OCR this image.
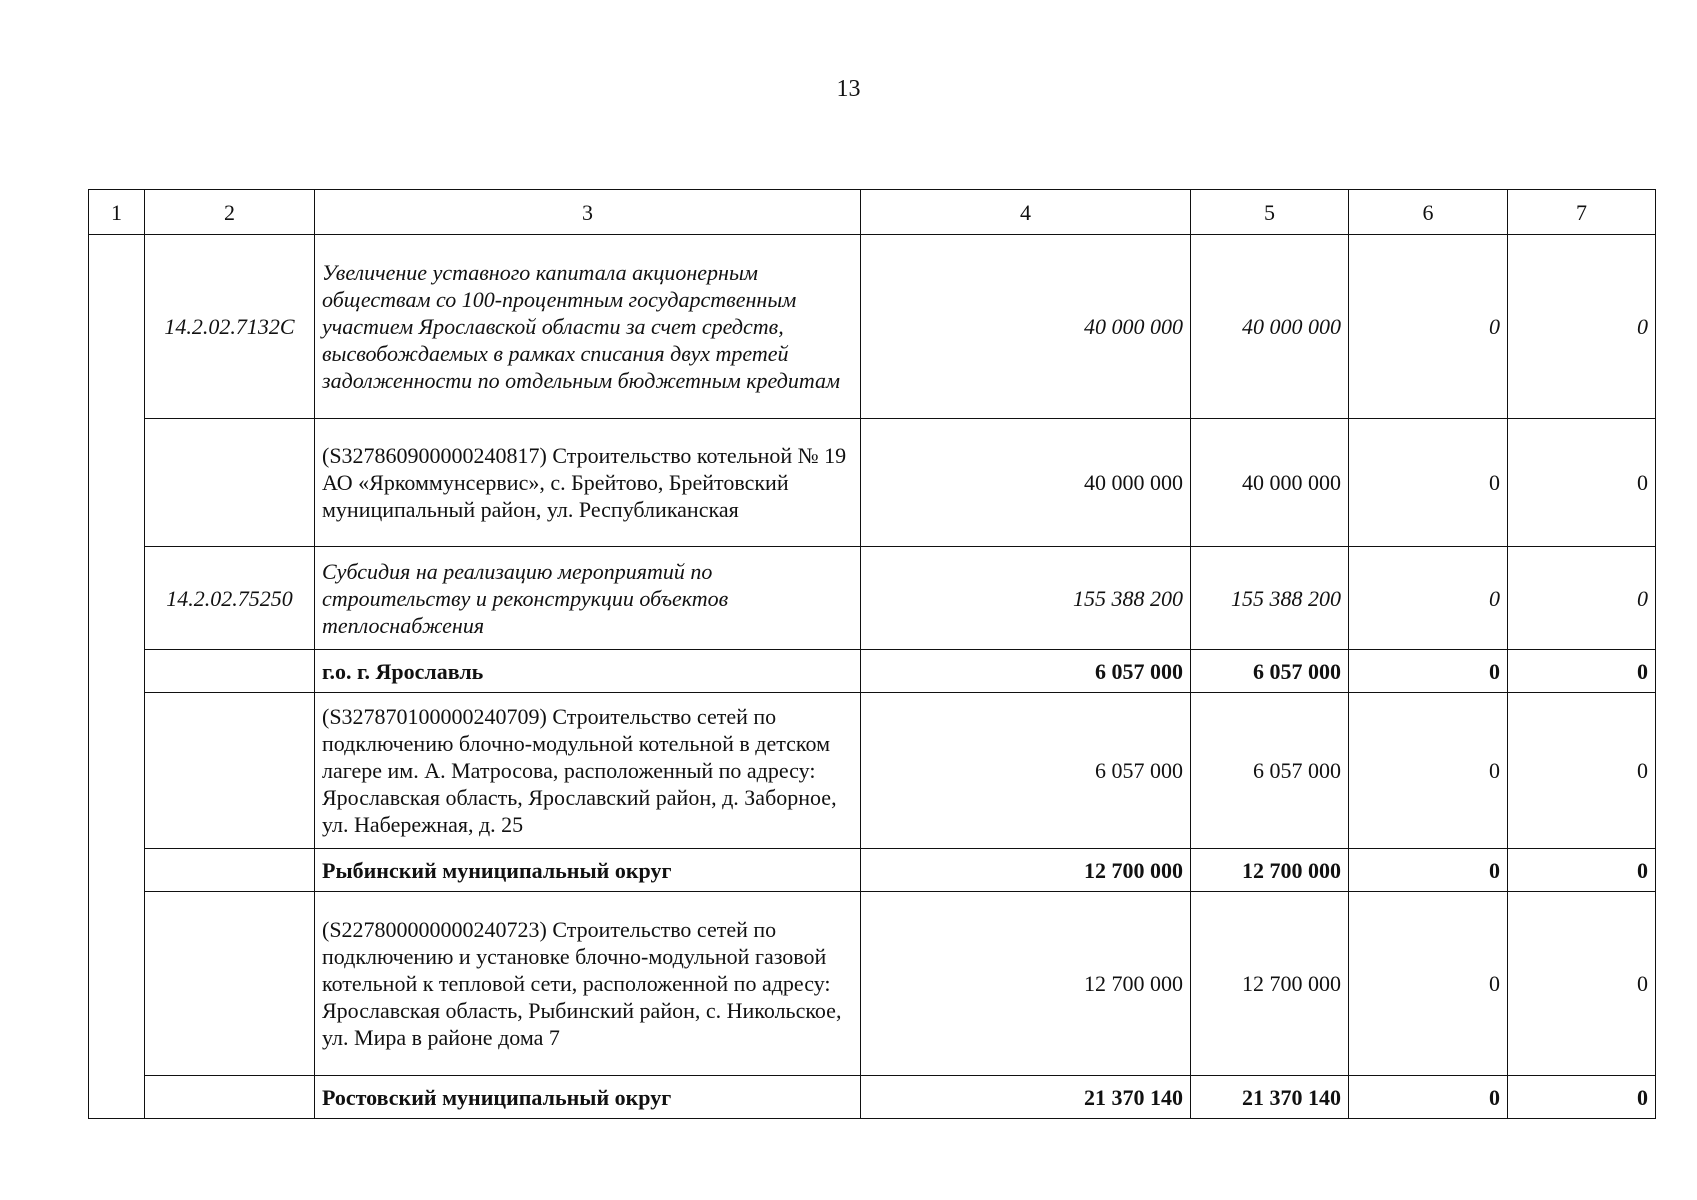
13
1	2	3	4	5	6	7
	14.2.02.7132С	Увеличение уставного капитала акционерным обществам со 100-процентным государственным участием Ярославской области за счет средств, высвобождаемых в рамках списания двух третей задолженности по отдельным бюджетным кредитам	40 000 000	40 000 000	0	0
		(S327860900000240817) Строительство котельной № 19 АО «Яркоммунсервис», с. Брейтово, Брейтовский муниципальный район, ул. Республиканская	40 000 000	40 000 000	0	0
	14.2.02.75250	Субсидия на реализацию мероприятий по строительству и реконструкции объектов теплоснабжения	155 388 200	155 388 200	0	0
		г.о. г. Ярославль	6 057 000	6 057 000	0	0
		(S327870100000240709) Строительство сетей по подключению блочно-модульной котельной в детском лагере им. А. Матросова, расположенный по адресу: Ярославская область, Ярославский район, д. Заборное, ул. Набережная, д. 25	6 057 000	6 057 000	0	0
		Рыбинский муниципальный округ	12 700 000	12 700 000	0	0
		(S227800000000240723) Строительство сетей по подключению и установке блочно-модульной газовой котельной к тепловой сети, расположенной по адресу: Ярославская область, Рыбинский район, с. Никольское, ул. Мира в районе дома 7	12 700 000	12 700 000	0	0
		Ростовский муниципальный округ	21 370 140	21 370 140	0	0
